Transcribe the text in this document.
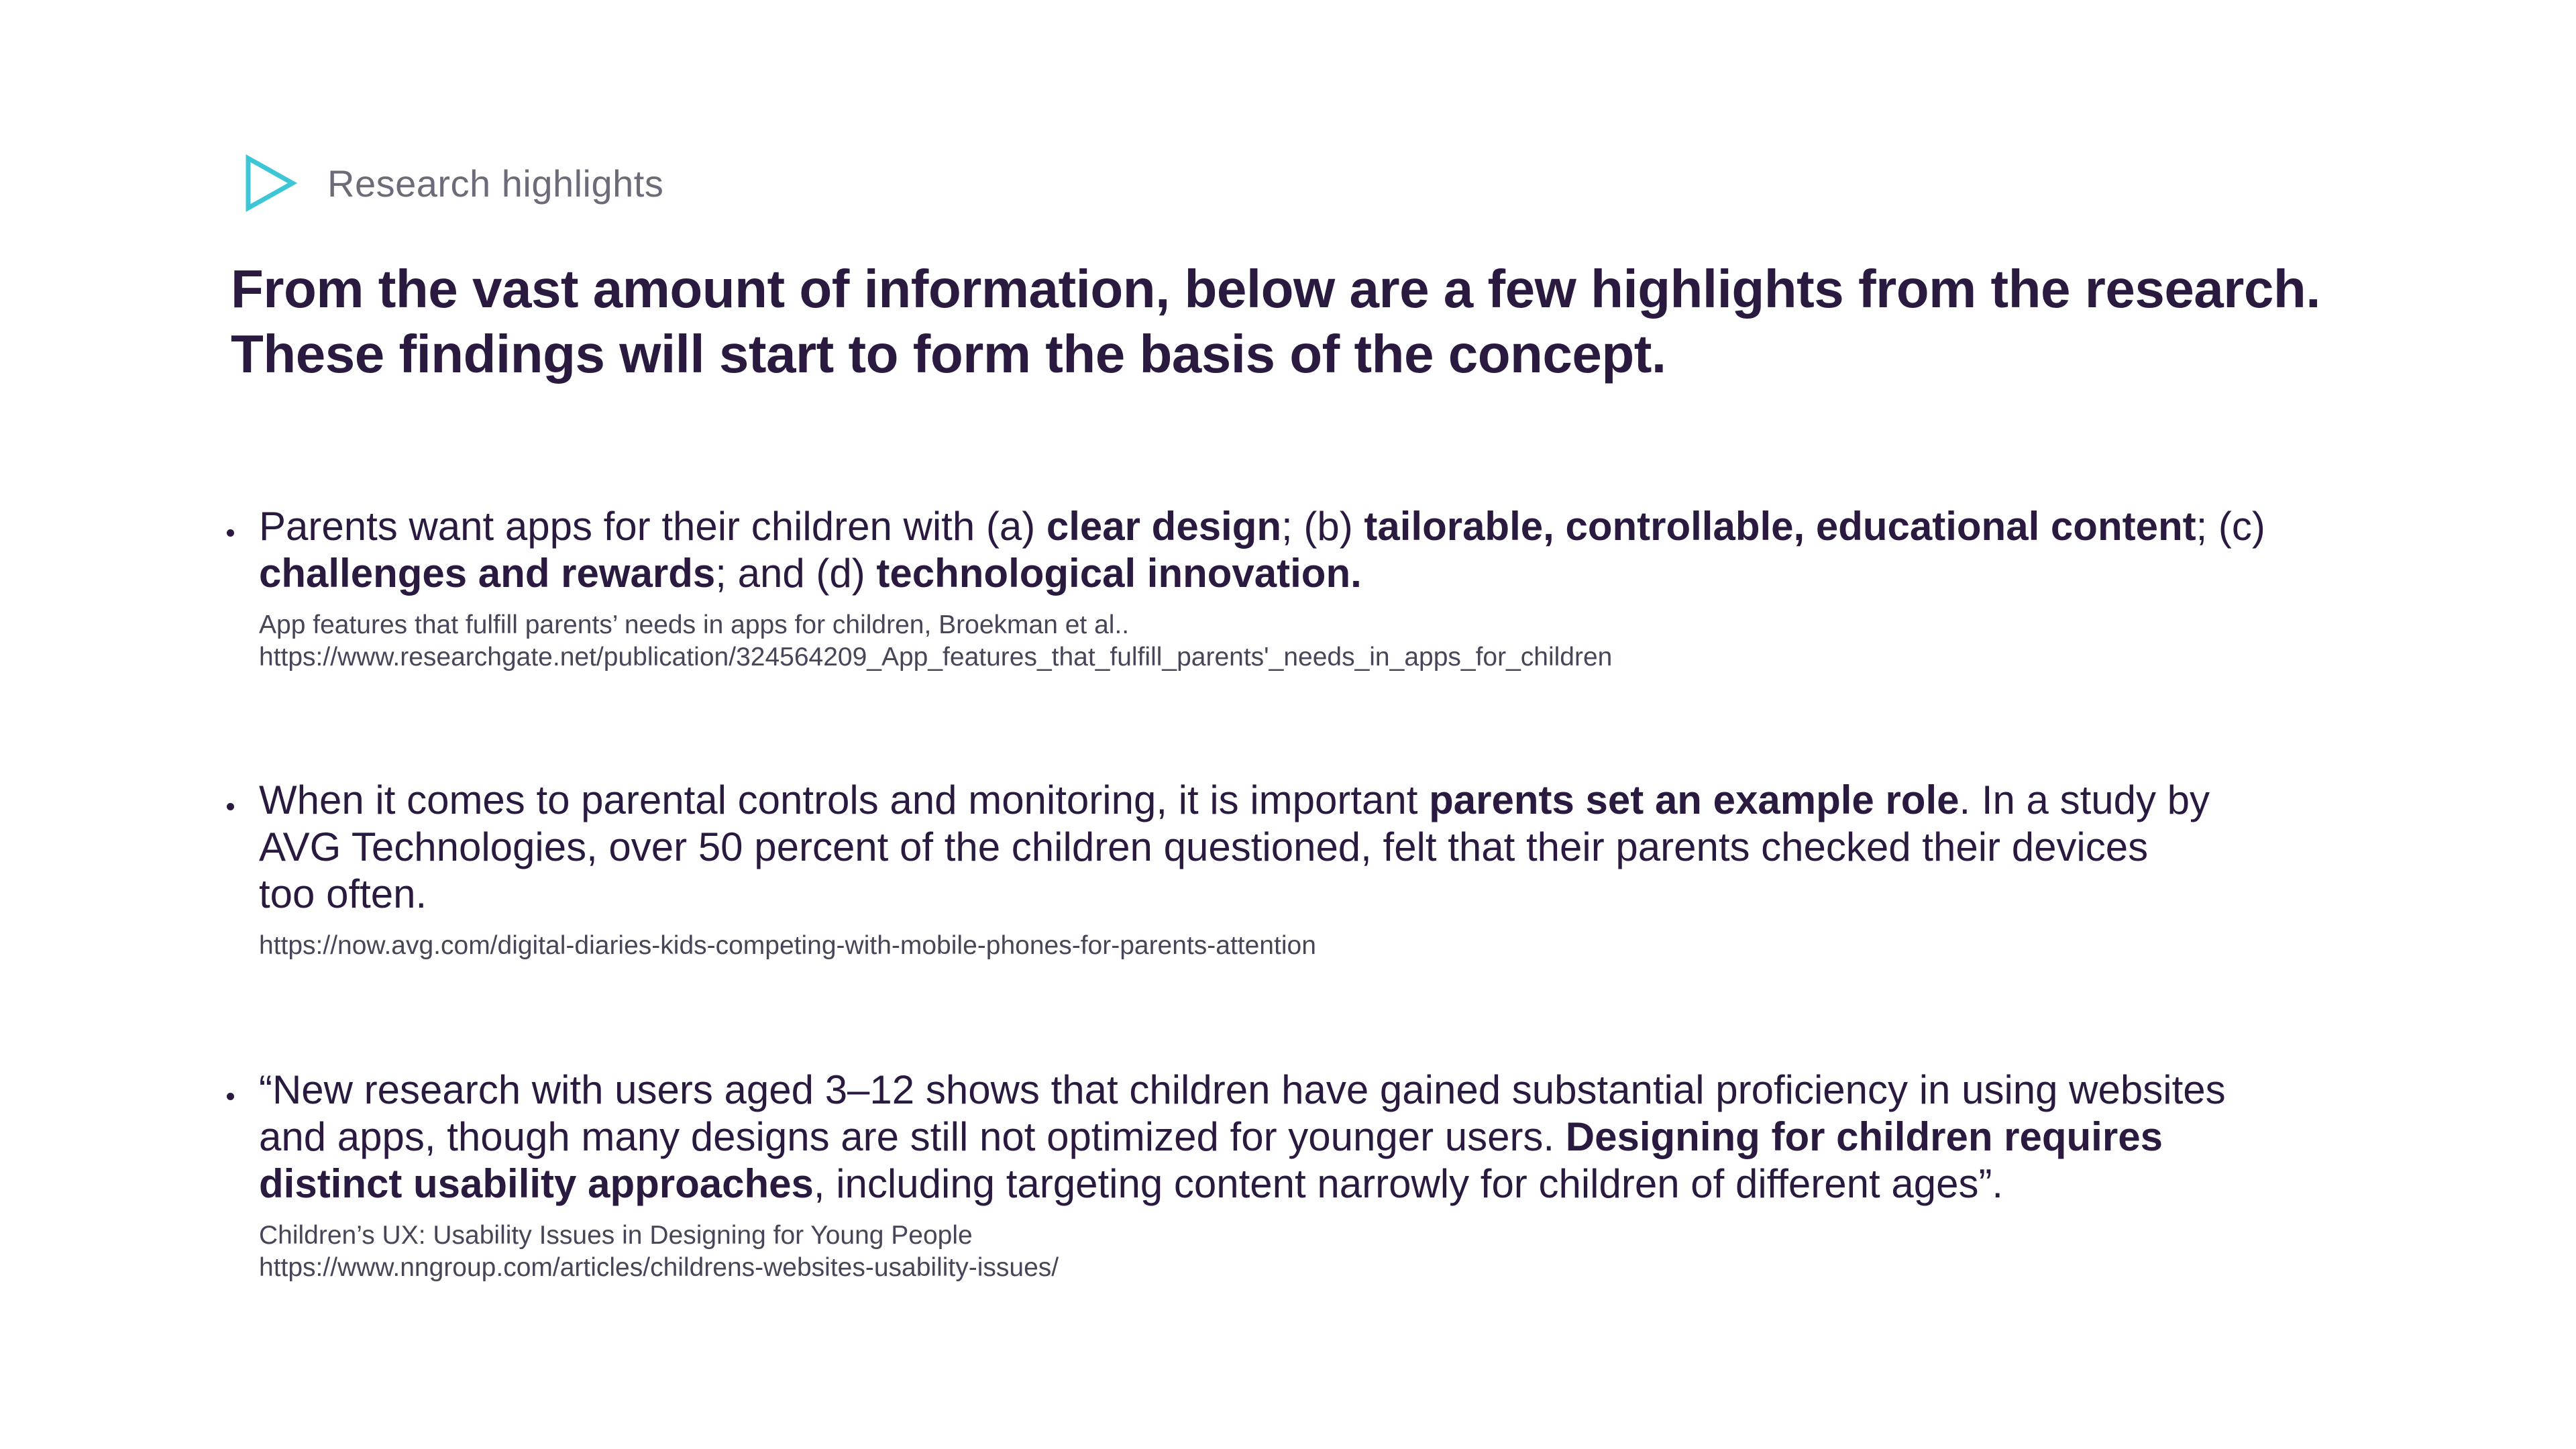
Research highlights
From the vast amount of information, below are a few highlights from the research.
These findings will start to form the basis of the concept.

Parents want apps for their children with (a) clear design; (b) tailorable, controllable, educational content; (c)
challenges and rewards; and (d) technological innovation.

App features that fulfill parents’ needs in apps for children, Broekman et al..
https://www.researchgate.net/publication/324564209_App_features_that_fulfill_parents'_needs_in_apps_for_children

When it comes to parental controls and monitoring, it is important parents set an example role. In a study by
AVG Technologies, over 50 percent of the children questioned, felt that their parents checked their devices
too often.

https://now.avg.com/digital-diaries-kids-competing-with-mobile-phones-for-parents-attention

“New research with users aged 3–12 shows that children have gained substantial proficiency in using websites
and apps, though many designs are still not optimized for younger users. Designing for children requires
distinct usability approaches, including targeting content narrowly for children of different ages”.

Children’s UX: Usability Issues in Designing for Young People
https://www.nngroup.com/articles/childrens-websites-usability-issues/
